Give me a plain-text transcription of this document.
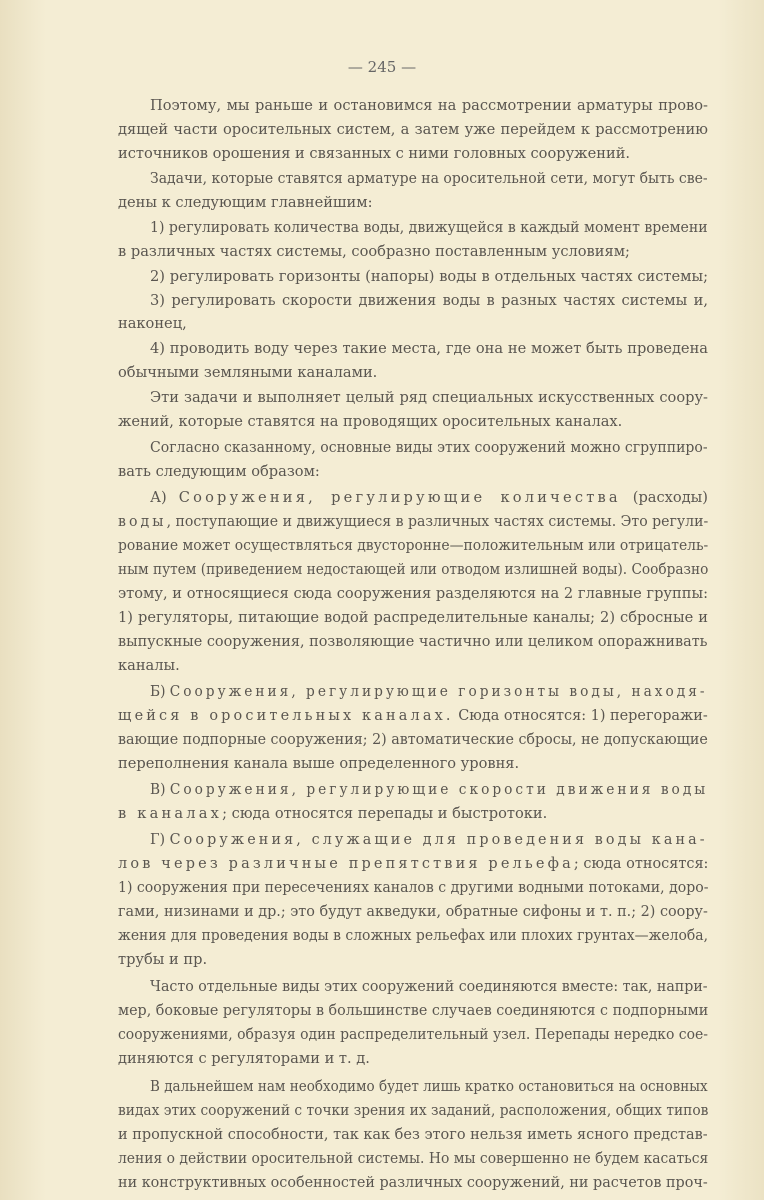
— 245 —
Поэтому, мы раньше и остановимся на рассмотрении арматуры прово-
дящей части оросительных систем, а затем уже перейдем к рассмотрению
источников орошения и связанных с ними головных сооружений.
Задачи, которые ставятся арматуре на оросительной сети, могут быть све-
дены к следующим главнейшим:
1) регулировать количества воды, движущейся в каждый момент времени
в различных частях системы, сообразно поставленным условиям;
2) регулировать горизонты (напоры) воды в отдельных частях системы;
3) регулировать скорости движения воды в разных частях системы и,
наконец,
4) проводить воду через такие места, где она не может быть проведена
обычными земляными каналами.
Эти задачи и выполняет целый ряд специальных искусственных соору-
жений, которые ставятся на проводящих оросительных каналах.
Согласно сказанному, основные виды этих сооружений можно сгруппиро-
вать следующим образом:
А) Сооружения, регулирующие количества (расходы)
воды, поступающие и движущиеся в различных частях системы. Это регули-
рование может осуществляться двусторонне—положительным или отрицатель-
ным путем (приведением недостающей или отводом излишней воды). Сообразно
этому, и относящиеся сюда сооружения разделяются на 2 главные группы:
1) регуляторы, питающие водой распределительные каналы; 2) сбросные и
выпускные сооружения, позволяющие частично или целиком опоражнивать
каналы.
Б) Сооружения, регулирующие горизонты воды, находя-
щейся в оросительных каналах. Сюда относятся: 1) перегоражи-
вающие подпорные сооружения; 2) автоматические сбросы, не допускающие
переполнения канала выше определенного уровня.
В) Сооружения, регулирующие скорости движения воды
в каналах; сюда относятся перепады и быстротоки.
Г) Сооружения, служащие для проведения воды кана-
лов через различные препятствия рельефа; сюда относятся:
1) сооружения при пересечениях каналов с другими водными потоками, доро-
гами, низинами и др.; это будут акведуки, обратные сифоны и т. п.; 2) соору-
жения для проведения воды в сложных рельефах или плохих грунтах—желоба,
трубы и пр.
Часто отдельные виды этих сооружений соединяются вместе: так, напри-
мер, боковые регуляторы в большинстве случаев соединяются с подпорными
сооружениями, образуя один распределительный узел. Перепады нередко сое-
диняются с регуляторами и т. д.
В дальнейшем нам необходимо будет лишь кратко остановиться на основных
видах этих сооружений с точки зрения их заданий, расположения, общих типов
и пропускной способности, так как без этого нельзя иметь ясного представ-
ления о действии оросительной системы. Но мы совершенно не будем касаться
ни конструктивных особенностей различных сооружений, ни расчетов проч-
